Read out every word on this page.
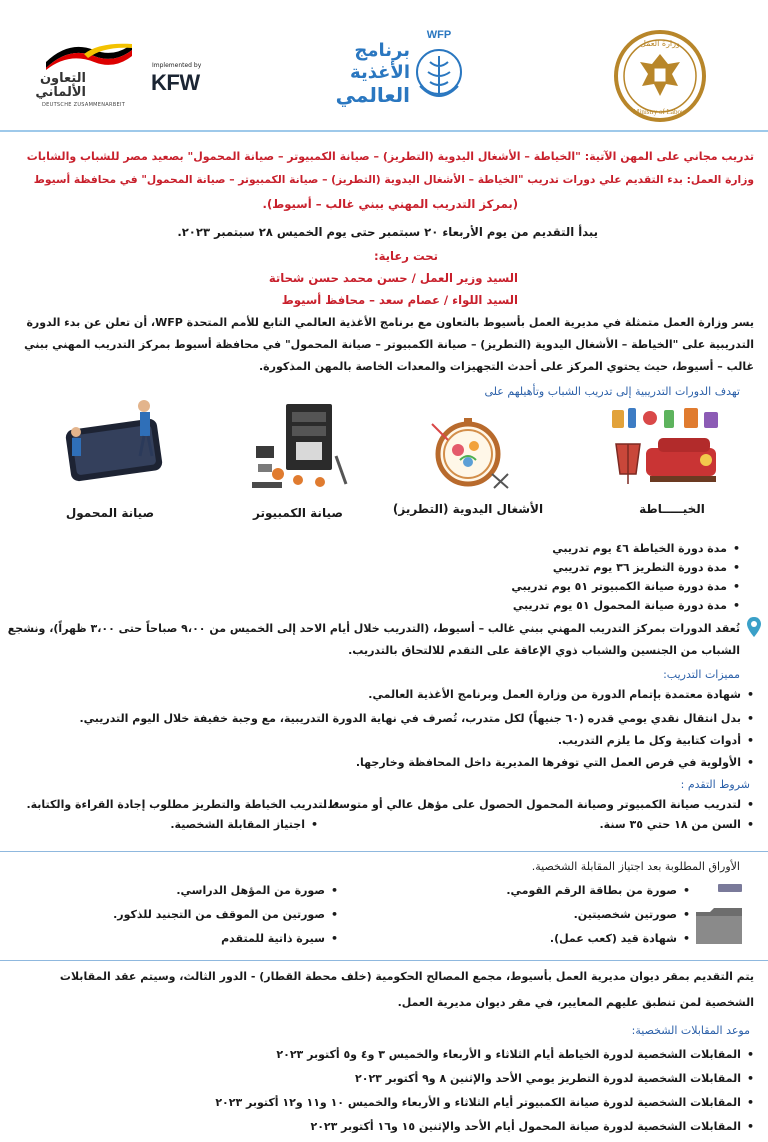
التعاون الألماني
DEUTSCHE ZUSAMMENARBEIT
Implemented by
KFW
برنامج الأغذية
العالمي
WFP
Ministry of Labour
وزارة العمل
تدريب مجاني على المهن الآتية: "الخياطة – الأشغال اليدوية (التطريز) – صيانة الكمبيوتر – صيانة المحمول" بصعيد مصر للشباب والشابات
وزارة العمل: بدء التقديم علي دورات تدريب "الخياطة – الأشغال اليدوية (التطريز) – صيانة الكمبيوتر – صيانة المحمول" في محافظة أسيوط
(بمركز التدريب المهني ببني غالب – أسيوط).
يبدأ التقديم من يوم الأربعاء ٢٠ سبتمبر حتى يوم الخميس ٢٨ سبتمبر ٢٠٢٣.
تحت رعاية:
السيد وزير العمل / حسن محمد حسن شحاتة
السيد اللواء / عصام سعد – محافظ أسيوط
يسر وزارة العمل متمثلة في مديرية العمل بأسيوط بالتعاون مع برنامج الأغذية العالمي التابع للأمم المتحدة WFP، أن تعلن عن بدء الدورة
التدريبية على "الخياطة – الأشغال اليدوية (التطريز) – صيانة الكمبيوتر – صيانة المحمول" في محافظة أسيوط بمركز التدريب المهني ببني
غالب – أسيوط، حيث يحتوي المركز على أحدث التجهيزات والمعدات الخاصة بالمهن المذكورة.
تهدف الدورات التدريبية إلى تدريب الشباب وتأهيلهم على
الخيـــــاطة
الأشغال اليدوية (التطريز)
صيانة الكمبيوتر
صيانة المحمول
• مدة دورة الخياطة ٤٦ يوم تدريبي
• مدة دورة التطريز ٣٦ يوم تدريبي
• مدة دورة صيانة الكمبيوتر ٥١ يوم تدريبي
• مدة دورة صيانة المحمول ٥١ يوم تدريبي
تُعقد الدورات بمركز التدريب المهني ببني غالب – أسيوط، (التدريب خلال أيام الاحد إلى الخميس من ٩،٠٠ صباحاً حتى ٣،٠٠ ظهراً)، ونشجع
الشباب من الجنسين والشباب ذوي الإعاقة على التقدم للالتحاق بالتدريب.
مميزات التدريب:
• شهادة معتمدة بإتمام الدورة من وزارة العمل وبرنامج الأغذية العالمي.
• بدل انتقال نقدي يومي قدره (٦٠ جنيهاً) لكل متدرب، تُصرف في نهاية الدورة التدريبية، مع وجبة خفيفة خلال اليوم التدريبي.
• أدوات كتابية وكل ما يلزم التدريب.
• الأولوية في فرص العمل التي توفرها المديرية داخل المحافظة وخارجها.
شروط التقدم :
• لتدريب صيانة الكمبيوتر وصيانة المحمول الحصول على مؤهل عالي أو متوسط.
• السن من ١٨ حتي ٣٥ سنة.
• لتدريب الخياطة والتطريز مطلوب إجادة القراءة والكتابة.
• اجتياز المقابلة الشخصية.
الأوراق المطلوبة بعد اجتياز المقابلة الشخصية.
• صورة من بطاقة الرقم القومي.
• صورتين شخصيتين.
• شهادة قيد (كعب عمل).
• صورة من المؤهل الدراسي.
• صورتين من الموقف من التجنيد للذكور.
• سيرة ذاتية للمتقدم
يتم التقديم بمقر ديوان مديرية العمل بأسيوط، مجمع المصالح الحكومية (خلف محطة القطار) - الدور الثالث، وسيتم عقد المقابلات
الشخصية لمن تنطبق عليهم المعايير، في مقر ديوان مديرية العمل.
موعد المقابلات الشخصية:
• المقابلات الشخصية لدورة الخياطة أيام الثلاثاء و الأربعاء والخميس ٣ و٤ و٥ أكتوبر ٢٠٢٣
• المقابلات الشخصية لدورة التطريز يومي الأحد والإثنين ٨ و٩ أكتوبر ٢٠٢٣
• المقابلات الشخصية لدورة صيانة الكمبيوتر أيام الثلاثاء و الأربعاء والخميس ١٠ و١١ و١٢ أكتوبر ٢٠٢٣
• المقابلات الشخصية لدورة صيانة المحمول أيام الأحد والإثنين ١٥ و١٦ أكتوبر ٢٠٢٣
